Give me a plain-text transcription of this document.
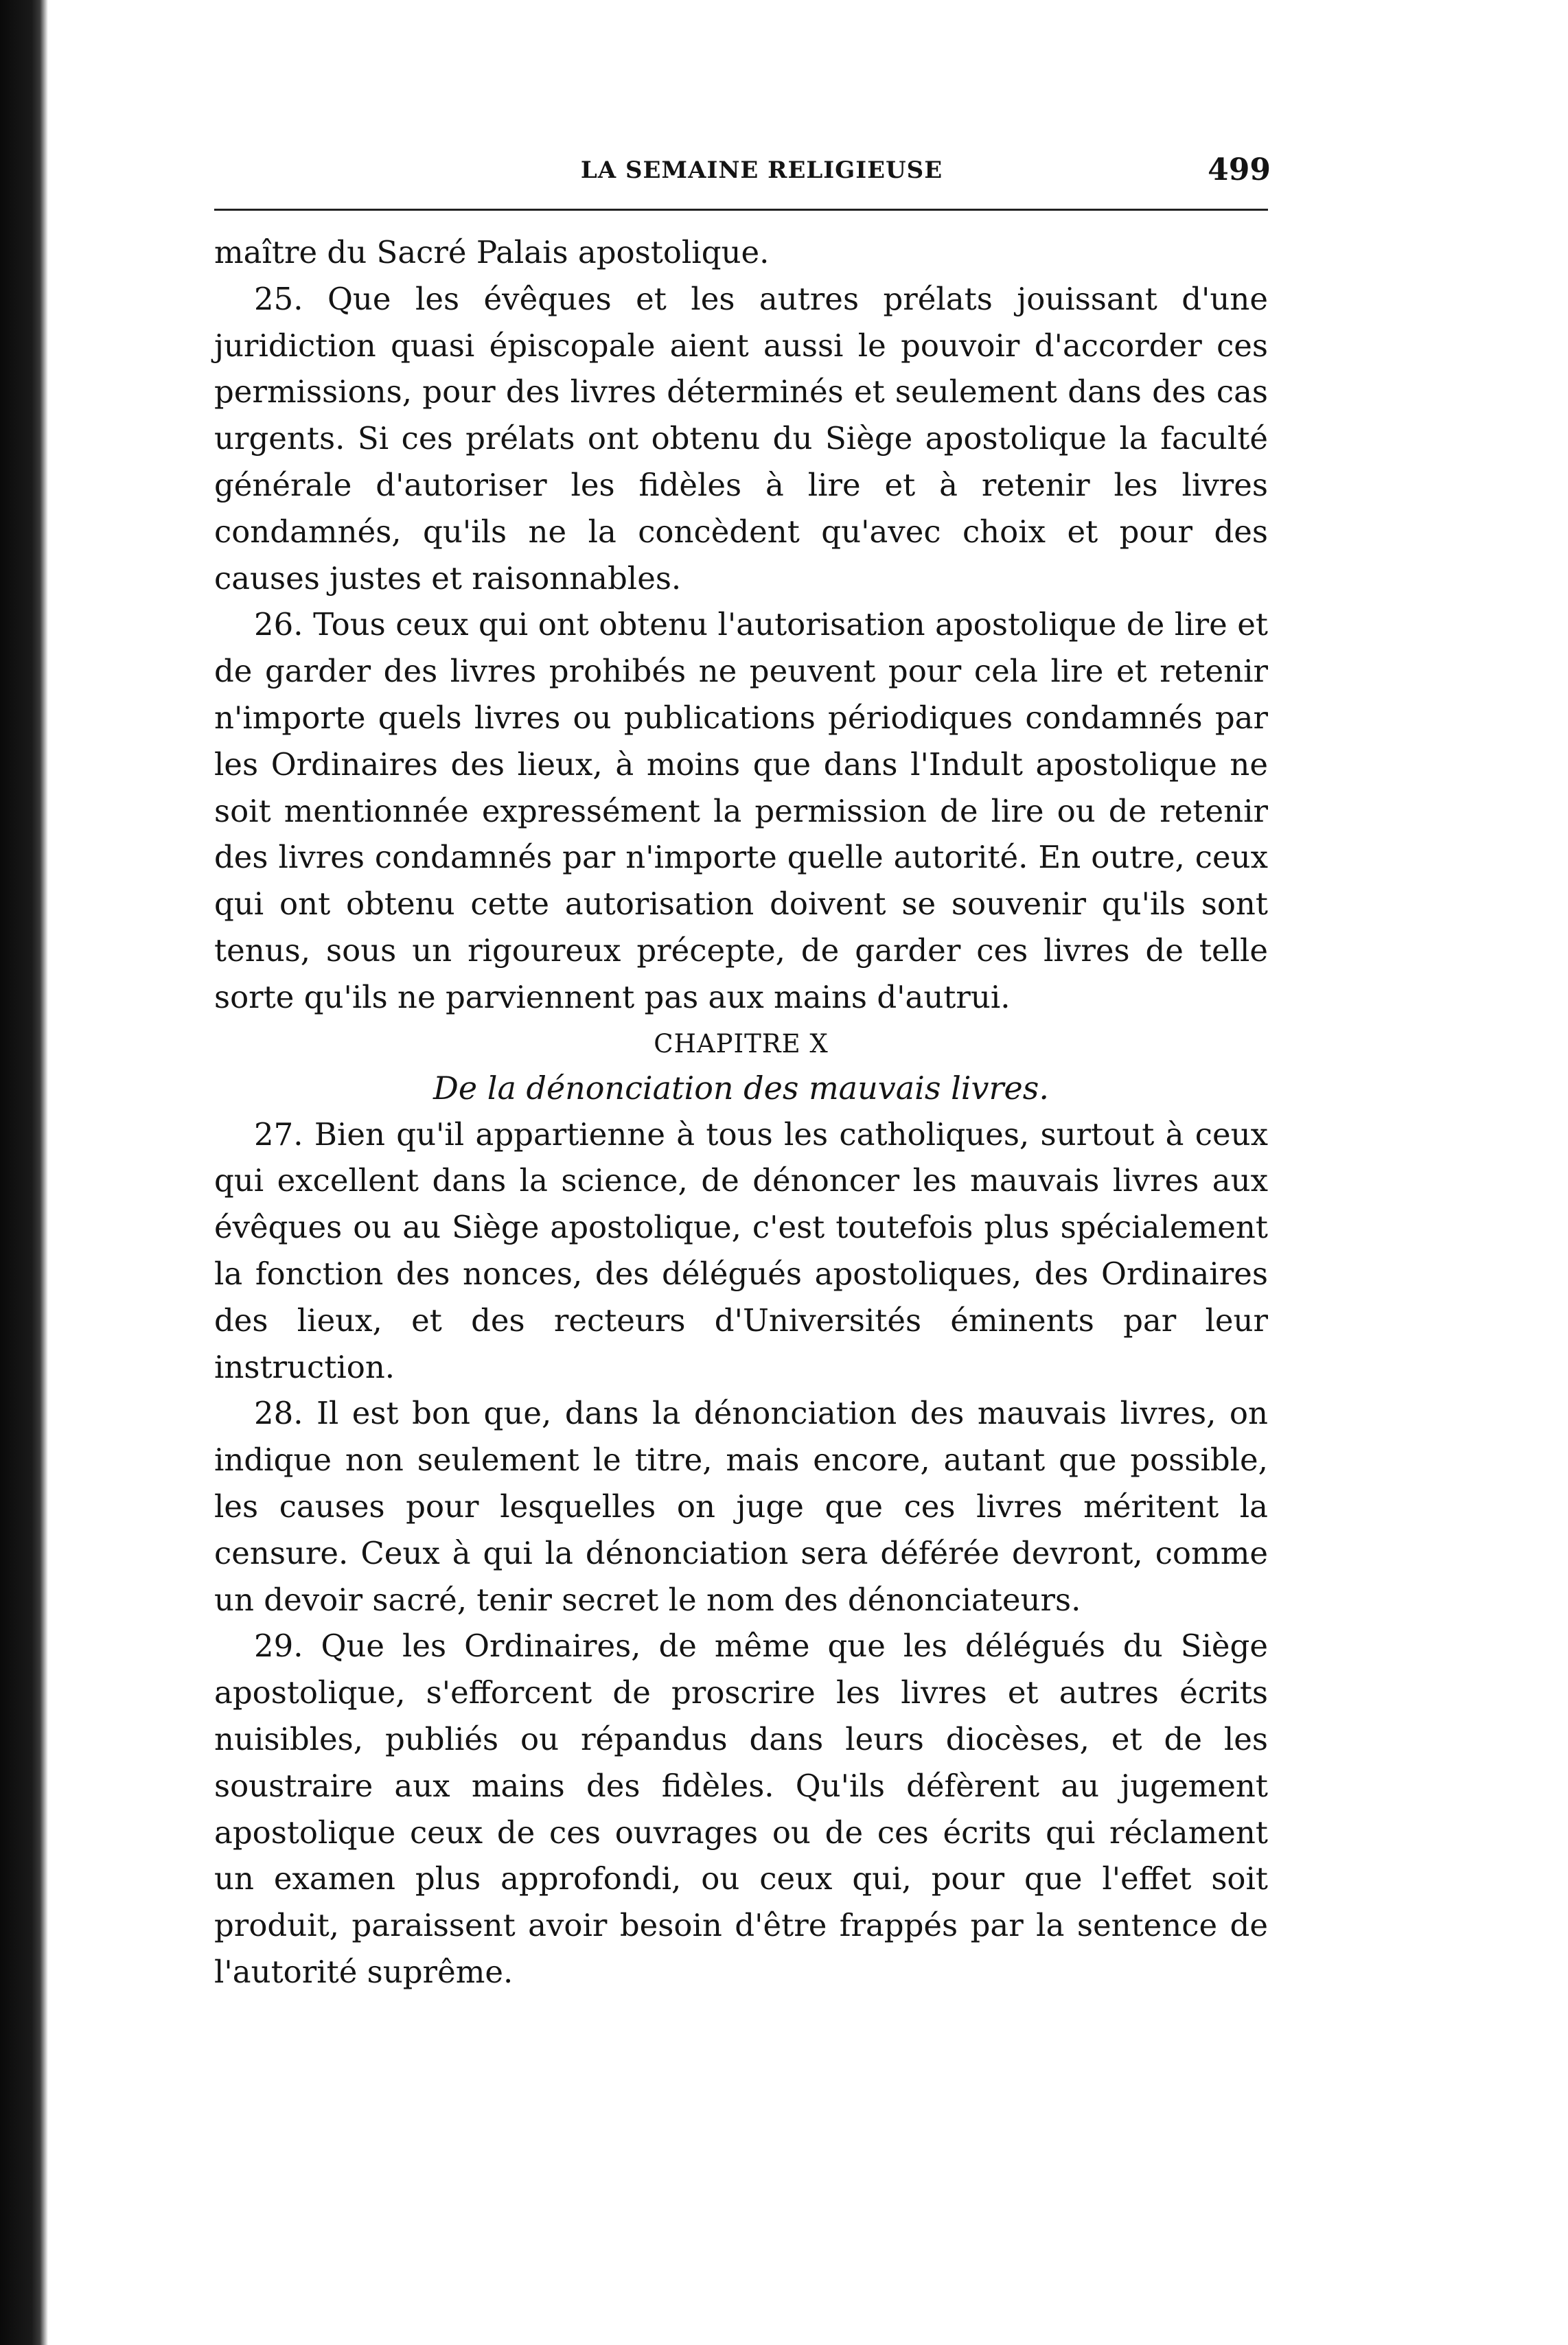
LA SEMAINE RELIGIEUSE	499

maître du Sacré Palais apostolique.

25. Que les évêques et les autres prélats jouissant d'une juridiction quasi épiscopale aient aussi le pouvoir d'accorder ces permissions, pour des livres déterminés et seulement dans des cas urgents. Si ces prélats ont obtenu du Siège apostolique la faculté générale d'autoriser les fidèles à lire et à retenir les livres condamnés, qu'ils ne la concèdent qu'avec choix et pour des causes justes et raisonnables.

26. Tous ceux qui ont obtenu l'autorisation apostolique de lire et de garder des livres prohibés ne peuvent pour cela lire et retenir n'importe quels livres ou publications périodiques condamnés par les Ordinaires des lieux, à moins que dans l'Indult apostolique ne soit mentionnée expressément la permission de lire ou de retenir des livres condamnés par n'importe quelle autorité. En outre, ceux qui ont obtenu cette autorisation doivent se souvenir qu'ils sont tenus, sous un rigoureux précepte, de garder ces livres de telle sorte qu'ils ne parviennent pas aux mains d'autrui.

CHAPITRE X
De la dénonciation des mauvais livres.

27. Bien qu'il appartienne à tous les catholiques, surtout à ceux qui excellent dans la science, de dénoncer les mauvais livres aux évêques ou au Siège apostolique, c'est toutefois plus spécialement la fonction des nonces, des délégués apostoliques, des Ordinaires des lieux, et des recteurs d'Universités éminents par leur instruction.

28. Il est bon que, dans la dénonciation des mauvais livres, on indique non seulement le titre, mais encore, autant que possible, les causes pour lesquelles on juge que ces livres méritent la censure. Ceux à qui la dénonciation sera déférée devront, comme un devoir sacré, tenir secret le nom des dénonciateurs.

29. Que les Ordinaires, de même que les délégués du Siège apostolique, s'efforcent de proscrire les livres et autres écrits nuisibles, publiés ou répandus dans leurs diocèses, et de les soustraire aux mains des fidèles. Qu'ils défèrent au jugement apostolique ceux de ces ouvrages ou de ces écrits qui réclament un examen plus approfondi, ou ceux qui, pour que l'effet soit produit, paraissent avoir besoin d'être frappés par la sentence de l'autorité suprême.
